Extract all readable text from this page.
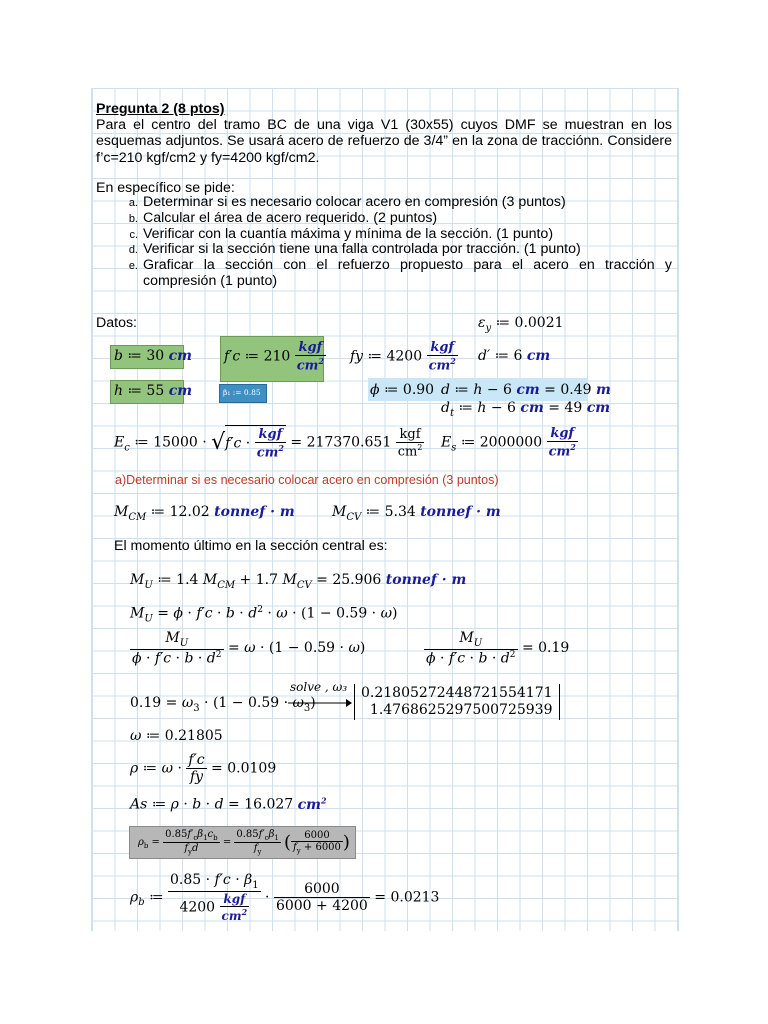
Pregunta 2 (8 ptos)
Para el centro del tramo BC de una viga V1 (30x55) cuyos DMF se muestran en los esquemas adjuntos. Se usará acero de refuerzo de 3/4” en la zona de tracciónn. Considere f’c=210 kgf/cm2 y fy=4200 kgf/cm2.
En específico se pide:
a. Determinar si es necesario colocar acero en compresión (3 puntos)
b. Calcular el área de acero requerido. (2 puntos)
c. Verificar con la cuantía máxima y mínima de la sección. (1 punto)
d. Verificar si la sección tiene una falla controlada por tracción. (1 punto)
e. Graficar la sección con el refuerzo propuesto para el acero en tracción y compresión (1 punto)
Datos:	$\varepsilon_y$ ≔ 0.0021
b ≔ 30 cm f′c ≔ $210 \frac{\text{kgf}}{cm^2}$ fy ≔ $4200 \frac{\text{kgf}}{cm^2} d'$ ≔ 6 cm
h ≔ 55 cm	β₁ := 0.85	ϕ ≔ 0.90 d ≔ h − 6 cm = 0.49 m
$d_t$ ≔ h − 6 cm = 49 cm
$E_c$ ≔ $15000 \cdot √f'c \cdot \frac{\text{kgf}}{cm^2} = 217370.651 \frac{\text{kgf}}{cm^2} E_s$ ≔ $2000000 \frac{\text{kgf}}{cm^2}$
a)Determinar si es necesario colocar acero en compresión (3 puntos)
$M_{CM}$ ≔ 12.02 tonnef · m	$M_{CV}$ ≔ 5.34 tonnef · m
El momento último en la sección central es:
$M_U$ ≔ 1.4 $M_{CM} + 1.7$ $M_{CV} = 25.906$ tonnef · m
$M_U = \phi \cdot f'c \cdot b \cdot d^2 \cdot \omega \cdot (1 - 0.59 \cdot \omega)$
$\frac{M_U}{\phi \cdot f'c \cdot b \cdot d^2} = \omega \cdot (1 - 0.59 \cdot \omega)$	$\frac{M_U}{\phi \cdot f'c \cdot b \cdot d^2} = 0.19$
$0.19 = \omega_3 \cdot (1 - 0.59 \cdot \omega_3)$
solve , ω₃ 0.21805272448721554171
1.4768625297500725939
ω ≔ 0.21805
ρ ≔ $\omega \cdot \frac{f'c}{fy} = 0.0109$
As ≔ ρ · b · d = 16.027 $cm^2$
$\rho_b = \frac{0.85f'_c\beta_1c_b}{f_yd} = \frac{0.85f'_c\beta_1}{f_y}$ ( $\frac{6000}{f_y + 6000}$ )
$\rho_b$ ≔ $\frac{0.85 \cdot f'c \cdot \beta_1}{4200 \frac{\text{kgf}}{cm^2}} \cdot \frac{6000}{6000 + 4200} = 0.0213$
